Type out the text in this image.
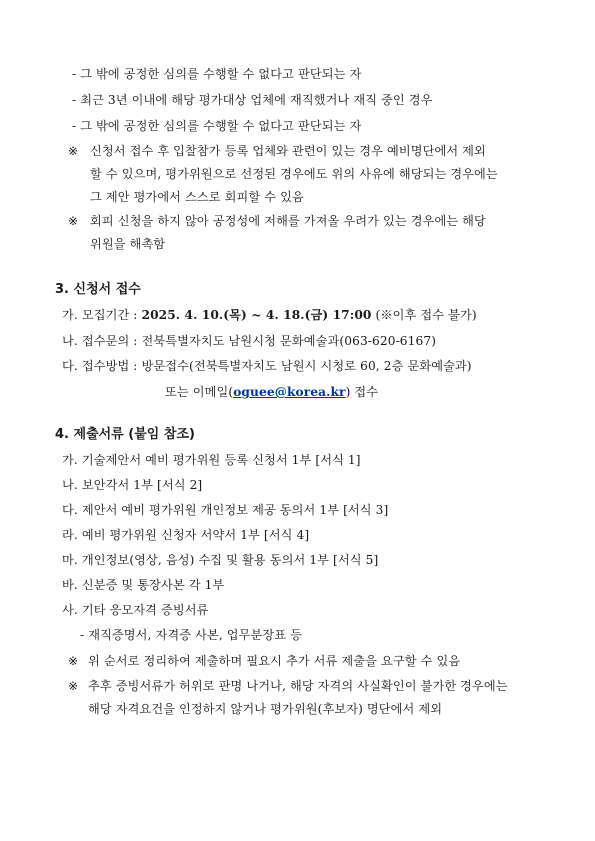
- 그 밖에 공정한 심의를 수행할 수 없다고 판단되는 자
- 최근 3년 이내에 해당 평가대상 업체에 재직했거나 재직 중인 경우
- 그 밖에 공정한 심의를 수행할 수 없다고 판단되는 자
※ 신청서 접수 후 입찰참가 등록 업체와 관련이 있는 경우 예비명단에서 제외
할 수 있으며, 평가위원으로 선정된 경우에도 위의 사유에 해당되는 경우에는
그 제안 평가에서 스스로 회피할 수 있음
※ 회피 신청을 하지 않아 공정성에 저해를 가져올 우려가 있는 경우에는 해당
위원을 해촉함
3. 신청서 접수
가. 모집기간 : 2025. 4. 10.(목) ~ 4. 18.(금) 17:00 (※이후 접수 불가)
나. 접수문의 : 전북특별자치도 남원시청 문화예술과(063-620-6167)
다. 접수방법 : 방문접수(전북특별자치도 남원시 시청로 60, 2층 문화예술과)
또는 이메일(oguee@korea.kr) 접수
4. 제출서류 (붙임 참조)
가. 기술제안서 예비 평가위원 등록 신청서 1부 [서식 1]
나. 보안각서 1부 [서식 2]
다. 제안서 예비 평가위원 개인정보 제공 동의서 1부 [서식 3]
라. 예비 평가위원 신청자 서약서 1부 [서식 4]
마. 개인정보(영상, 음성) 수집 및 활용 동의서 1부 [서식 5]
바. 신분증 및 통장사본 각 1부
사. 기타 응모자격 증빙서류
- 재직증명서, 자격증 사본, 업무분장표 등
※ 위 순서로 정리하여 제출하며 필요시 추가 서류 제출을 요구할 수 있음
※ 추후 증빙서류가 허위로 판명 나거나, 해당 자격의 사실확인이 불가한 경우에는
해당 자격요건을 인정하지 않거나 평가위원(후보자) 명단에서 제외
